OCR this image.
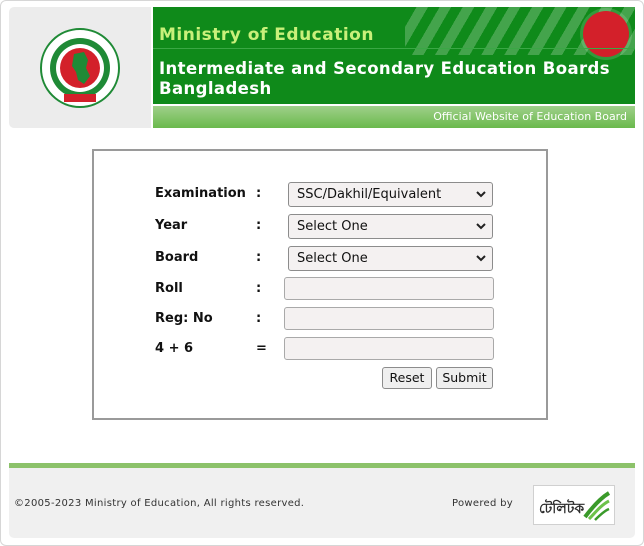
Ministry of Education
Intermediate and Secondary Education Boards
Bangladesh
Official Website of Education Board
Examination :	SSC/Dakhil/Equivalent
Year	:	Select One
Board	:	Select One
Roll	:
Reg: No	:
4 + 6	=
Reset	Submit
©2005-2023 Ministry of Education, All rights reserved.	Powered by টেলিটক
